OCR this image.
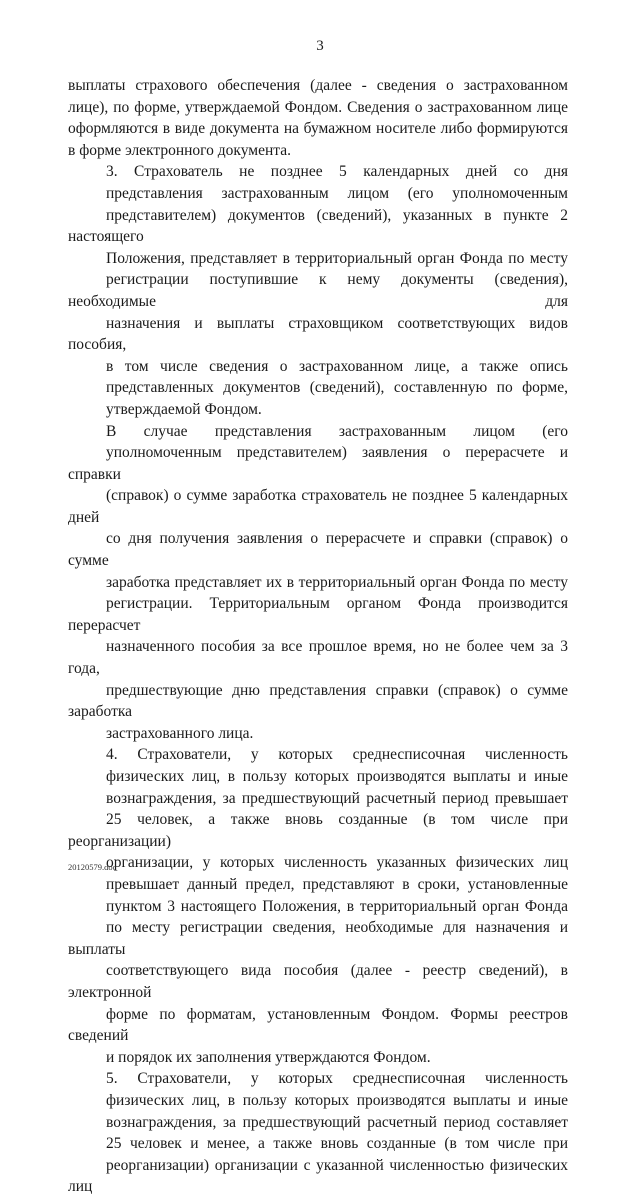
3
выплаты страхового обеспечения (далее - сведения о застрахованном
лице), по форме, утверждаемой Фондом. Сведения о застрахованном лице
оформляются в виде документа на бумажном носителе либо формируются
в форме электронного документа.
3. Страхователь не позднее 5 календарных дней со дня
представления застрахованным лицом (его уполномоченным
представителем) документов (сведений), указанных в пункте 2 настоящего
Положения, представляет в территориальный орган Фонда по месту
регистрации поступившие к нему документы (сведения), необходимые для
назначения и выплаты страховщиком соответствующих видов пособия,
в том числе сведения о застрахованном лице, а также опись
представленных документов (сведений), составленную по форме,
утверждаемой Фондом.
В случае представления застрахованным лицом (его
уполномоченным представителем) заявления о перерасчете и справки
(справок) о сумме заработка страхователь не позднее 5 календарных дней
со дня получения заявления о перерасчете и справки (справок) о сумме
заработка представляет их в территориальный орган Фонда по месту
регистрации. Территориальным органом Фонда производится перерасчет
назначенного пособия за все прошлое время, но не более чем за 3 года,
предшествующие дню представления справки (справок) о сумме заработка
застрахованного лица.
4. Страхователи, у которых среднесписочная численность
физических лиц, в пользу которых производятся выплаты и иные
вознаграждения, за предшествующий расчетный период превышает
25 человек, а также вновь созданные (в том числе при реорганизации)
организации, у которых численность указанных физических лиц
превышает данный предел, представляют в сроки, установленные
пунктом 3 настоящего Положения, в территориальный орган Фонда
по месту регистрации сведения, необходимые для назначения и выплаты
соответствующего вида пособия (далее - реестр сведений), в электронной
форме по форматам, установленным Фондом. Формы реестров сведений
и порядок их заполнения утверждаются Фондом.
5. Страхователи, у которых среднесписочная численность
физических лиц, в пользу которых производятся выплаты и иные
вознаграждения, за предшествующий расчетный период составляет
25 человек и менее, а также вновь созданные (в том числе при
реорганизации) организации с указанной численностью физических лиц
20120579.doc
